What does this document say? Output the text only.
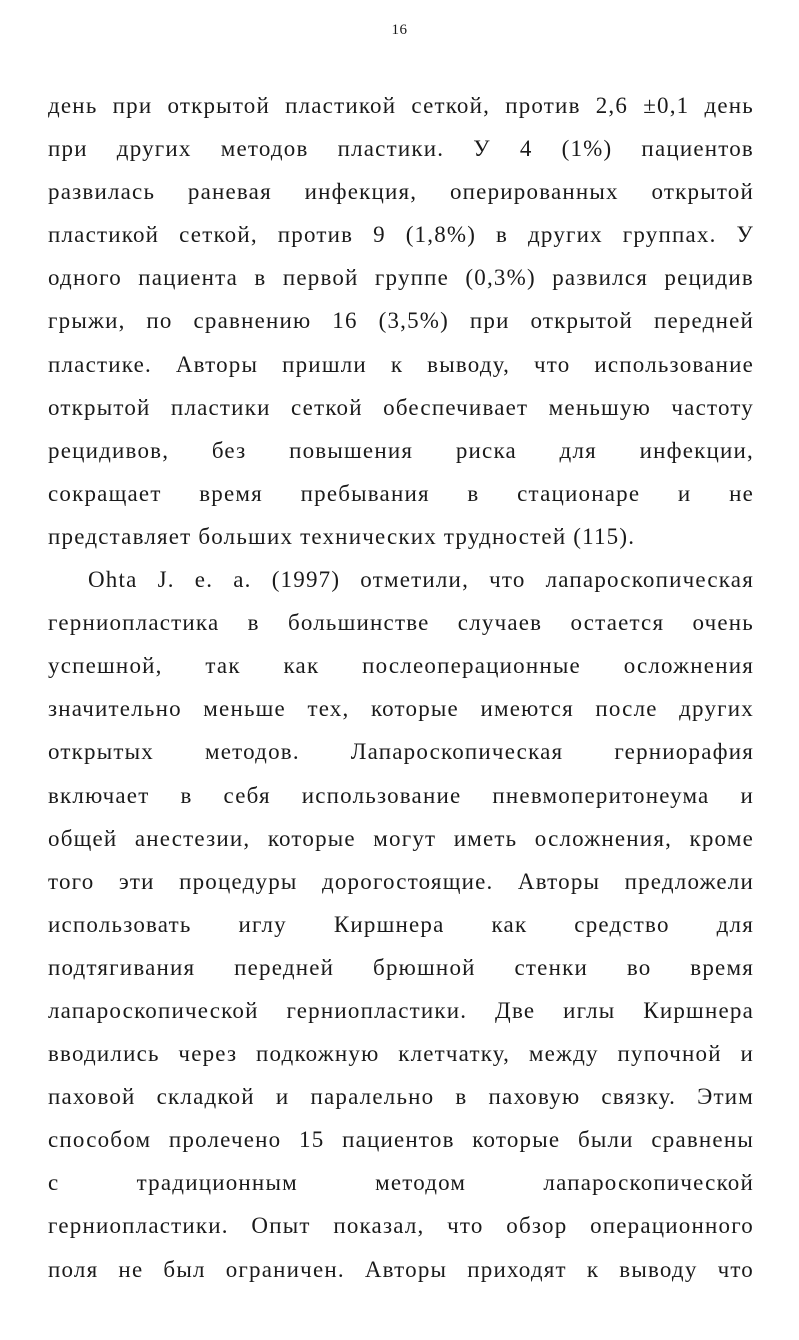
16
день при открытой пластикой сеткой, против 2,6 ±0,1 день
при других методов пластики. У 4 (1%) пациентов
развилась раневая инфекция, оперированных открытой
пластикой сеткой, против 9 (1,8%) в других группах. У
одного пациента в первой группе (0,3%) развился рецидив
грыжи, по сравнению 16 (3,5%) при открытой передней
пластике. Авторы пришли к выводу, что использование
открытой пластики сеткой обеспечивает меньшую частоту
рецидивов, без повышения риска для инфекции,
сокращает время пребывания в стационаре и не
представляет больших технических трудностей (115).
Ohta J. e. a. (1997) отметили, что лапароскопическая
герниопластика в большинстве случаев остается очень
успешной, так как послеоперационные осложнения
значительно меньше тех, которые имеются после других
открытых методов. Лапароскопическая герниорафия
включает в себя использование пневмоперитонеума и
общей анестезии, которые могут иметь осложнения, кроме
того эти процедуры дорогостоящие. Авторы предложели
использовать иглу Киршнера как средство для
подтягивания передней брюшной стенки во время
лапароскопической герниопластики. Две иглы Киршнера
вводились через подкожную клетчатку, между пупочной и
паховой складкой и паралельно в паховую связку. Этим
способом пролечено 15 пациентов которые были сравнены
с традиционным методом лапароскопической
герниопластики. Опыт показал, что обзор операционного
поля не был ограничен. Авторы приходят к выводу что
